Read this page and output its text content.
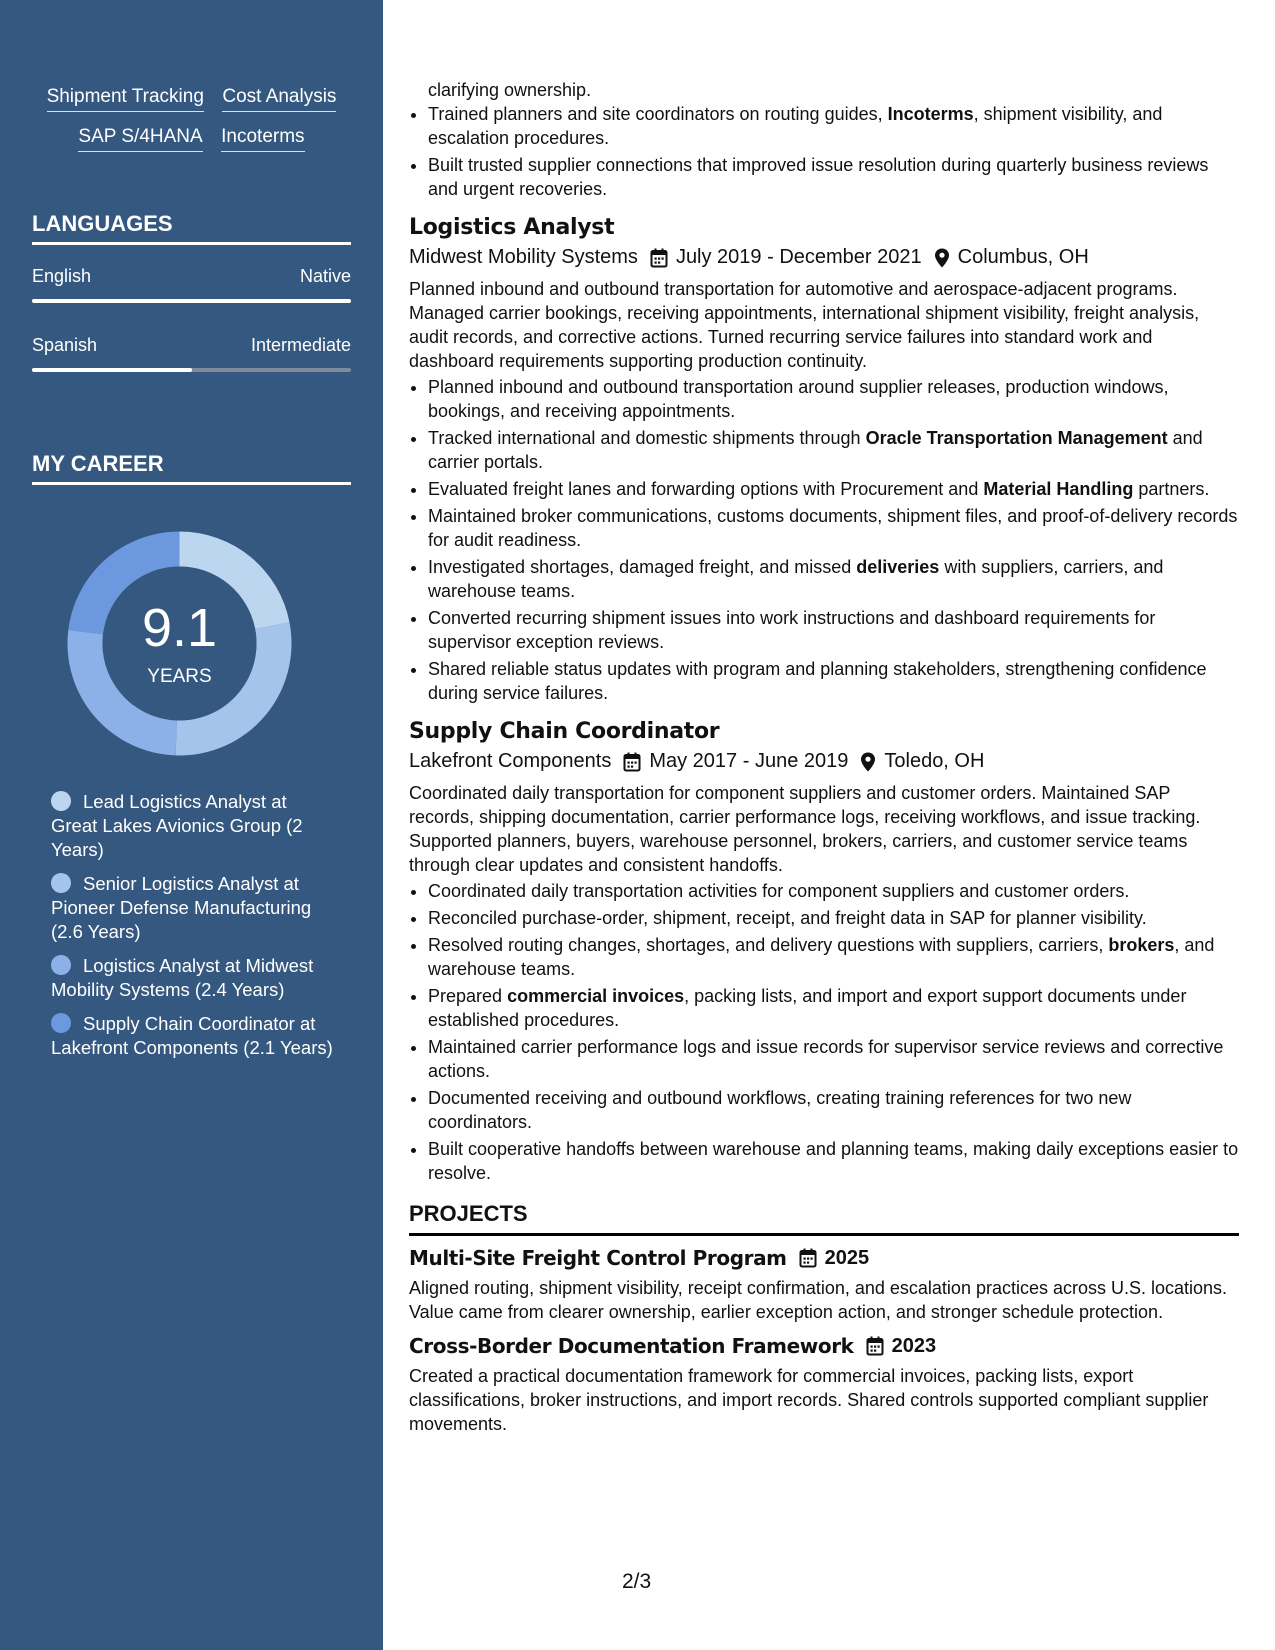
Shipment Tracking Cost Analysis
SAP S/4HANA Incoterms
LANGUAGES
English	Native
Spanish	Intermediate
MY CAREER
9.1
YEARS
Lead Logistics Analyst at Great Lakes Avionics Group (2 Years)
Senior Logistics Analyst at Pioneer Defense Manufacturing (2.6 Years)
Logistics Analyst at Midwest Mobility Systems (2.4 Years)
Supply Chain Coordinator at Lakefront Components (2.1 Years)
clarifying ownership.
• Trained planners and site coordinators on routing guides, Incoterms, shipment visibility, and escalation procedures.
• Built trusted supplier connections that improved issue resolution during quarterly business reviews and urgent recoveries.
Logistics Analyst
Midwest Mobility Systems July 2019 - December 2021 Columbus, OH
Planned inbound and outbound transportation for automotive and aerospace-adjacent programs. Managed carrier bookings, receiving appointments, international shipment visibility, freight analysis, audit records, and corrective actions. Turned recurring service failures into standard work and dashboard requirements supporting production continuity.
• Planned inbound and outbound transportation around supplier releases, production windows, bookings, and receiving appointments.
• Tracked international and domestic shipments through Oracle Transportation Management and carrier portals.
• Evaluated freight lanes and forwarding options with Procurement and Material Handling partners.
• Maintained broker communications, customs documents, shipment files, and proof-of-delivery records for audit readiness.
• Investigated shortages, damaged freight, and missed deliveries with suppliers, carriers, and warehouse teams.
• Converted recurring shipment issues into work instructions and dashboard requirements for supervisor exception reviews.
• Shared reliable status updates with program and planning stakeholders, strengthening confidence during service failures.
Supply Chain Coordinator
Lakefront Components May 2017 - June 2019 Toledo, OH
Coordinated daily transportation for component suppliers and customer orders. Maintained SAP records, shipping documentation, carrier performance logs, receiving workflows, and issue tracking. Supported planners, buyers, warehouse personnel, brokers, carriers, and customer service teams through clear updates and consistent handoffs.
• Coordinated daily transportation activities for component suppliers and customer orders.
• Reconciled purchase-order, shipment, receipt, and freight data in SAP for planner visibility.
• Resolved routing changes, shortages, and delivery questions with suppliers, carriers, brokers, and warehouse teams.
• Prepared commercial invoices, packing lists, and import and export support documents under established procedures.
• Maintained carrier performance logs and issue records for supervisor service reviews and corrective actions.
• Documented receiving and outbound workflows, creating training references for two new coordinators.
• Built cooperative handoffs between warehouse and planning teams, making daily exceptions easier to resolve.
PROJECTS
Multi-Site Freight Control Program 2025
Aligned routing, shipment visibility, receipt confirmation, and escalation practices across U.S. locations. Value came from clearer ownership, earlier exception action, and stronger schedule protection.
Cross-Border Documentation Framework 2023
Created a practical documentation framework for commercial invoices, packing lists, export classifications, broker instructions, and import records. Shared controls supported compliant supplier movements.
2/3
